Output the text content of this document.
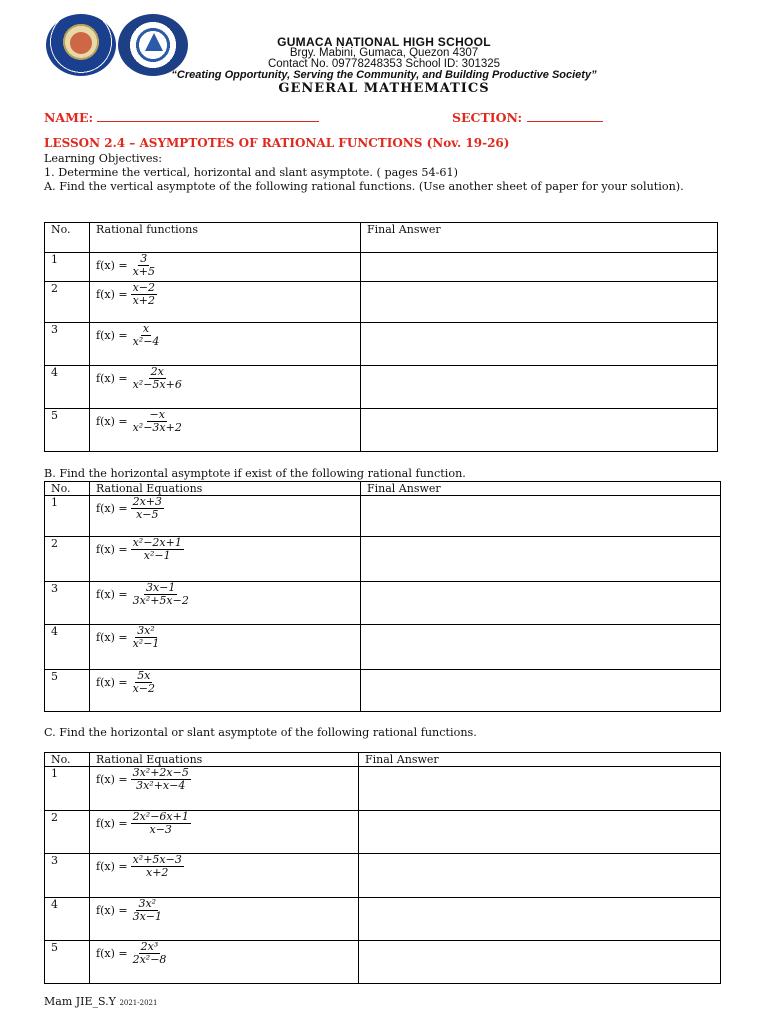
GUMACA NATIONAL HIGH SCHOOL
Brgy. Mabini, Gumaca, Quezon 4307
Contact No. 09778248353 School ID: 301325
“Creating Opportunity, Serving the Community, and Building Productive Society”
GENERAL MATHEMATICS
NAME:	SECTION:
LESSON 2.4 – ASYMPTOTES OF RATIONAL FUNCTIONS (Nov. 19-26)
Learning Objectives:
1. Determine the vertical, horizontal and slant asymptote. ( pages 54-61)
A. Find the vertical asymptote of the following rational functions. (Use another sheet of paper for your solution).
No.	Rational functions	Final Answer
1	$f(x) = \frac{3}{x+5}$

2	$f(x) = \frac{x-2}{x+2}$

3	$f(x) = \frac{x}{\text{x²−4}}$

4	$f(x) = \frac{2x}{\text{x²−5x+6}}$

5	$f(x) = \frac{-x}{\text{x²−3x+2}}$

B. Find the horizontal asymptote if exist of the following rational function.
No.	Rational Equations	Final Answer
1	$f(x) = \frac{2x+3}{x-5}$

2	$f(x) = \frac{\text{x²−2x+1}}{\text{x²−1}}$

3	$f(x) = \frac{3x-1}{\text{3x²+5x−2}}$

4	$f(x) = \frac{\text{3x²}}{\text{x²−1}}$

5	$f(x) = \frac{5x}{x-2}$

C. Find the horizontal or slant asymptote of the following rational functions.
No.	Rational Equations	Final Answer
1	$f(x) = \frac{\text{3x²+2x−5}}{\text{3x²+x−4}}$

2	$f(x) = \frac{\text{2x²−6x+1}}{x-3}$

3	$f(x) = \frac{\text{x²+5x−3}}{x+2}$

4	$f(x) = \frac{\text{3x²}}{3x-1}$

5	$f(x) = \frac{\text{2x³}}{\text{2x²−8}}$

Mam JIE_S.Y 2021-2021
